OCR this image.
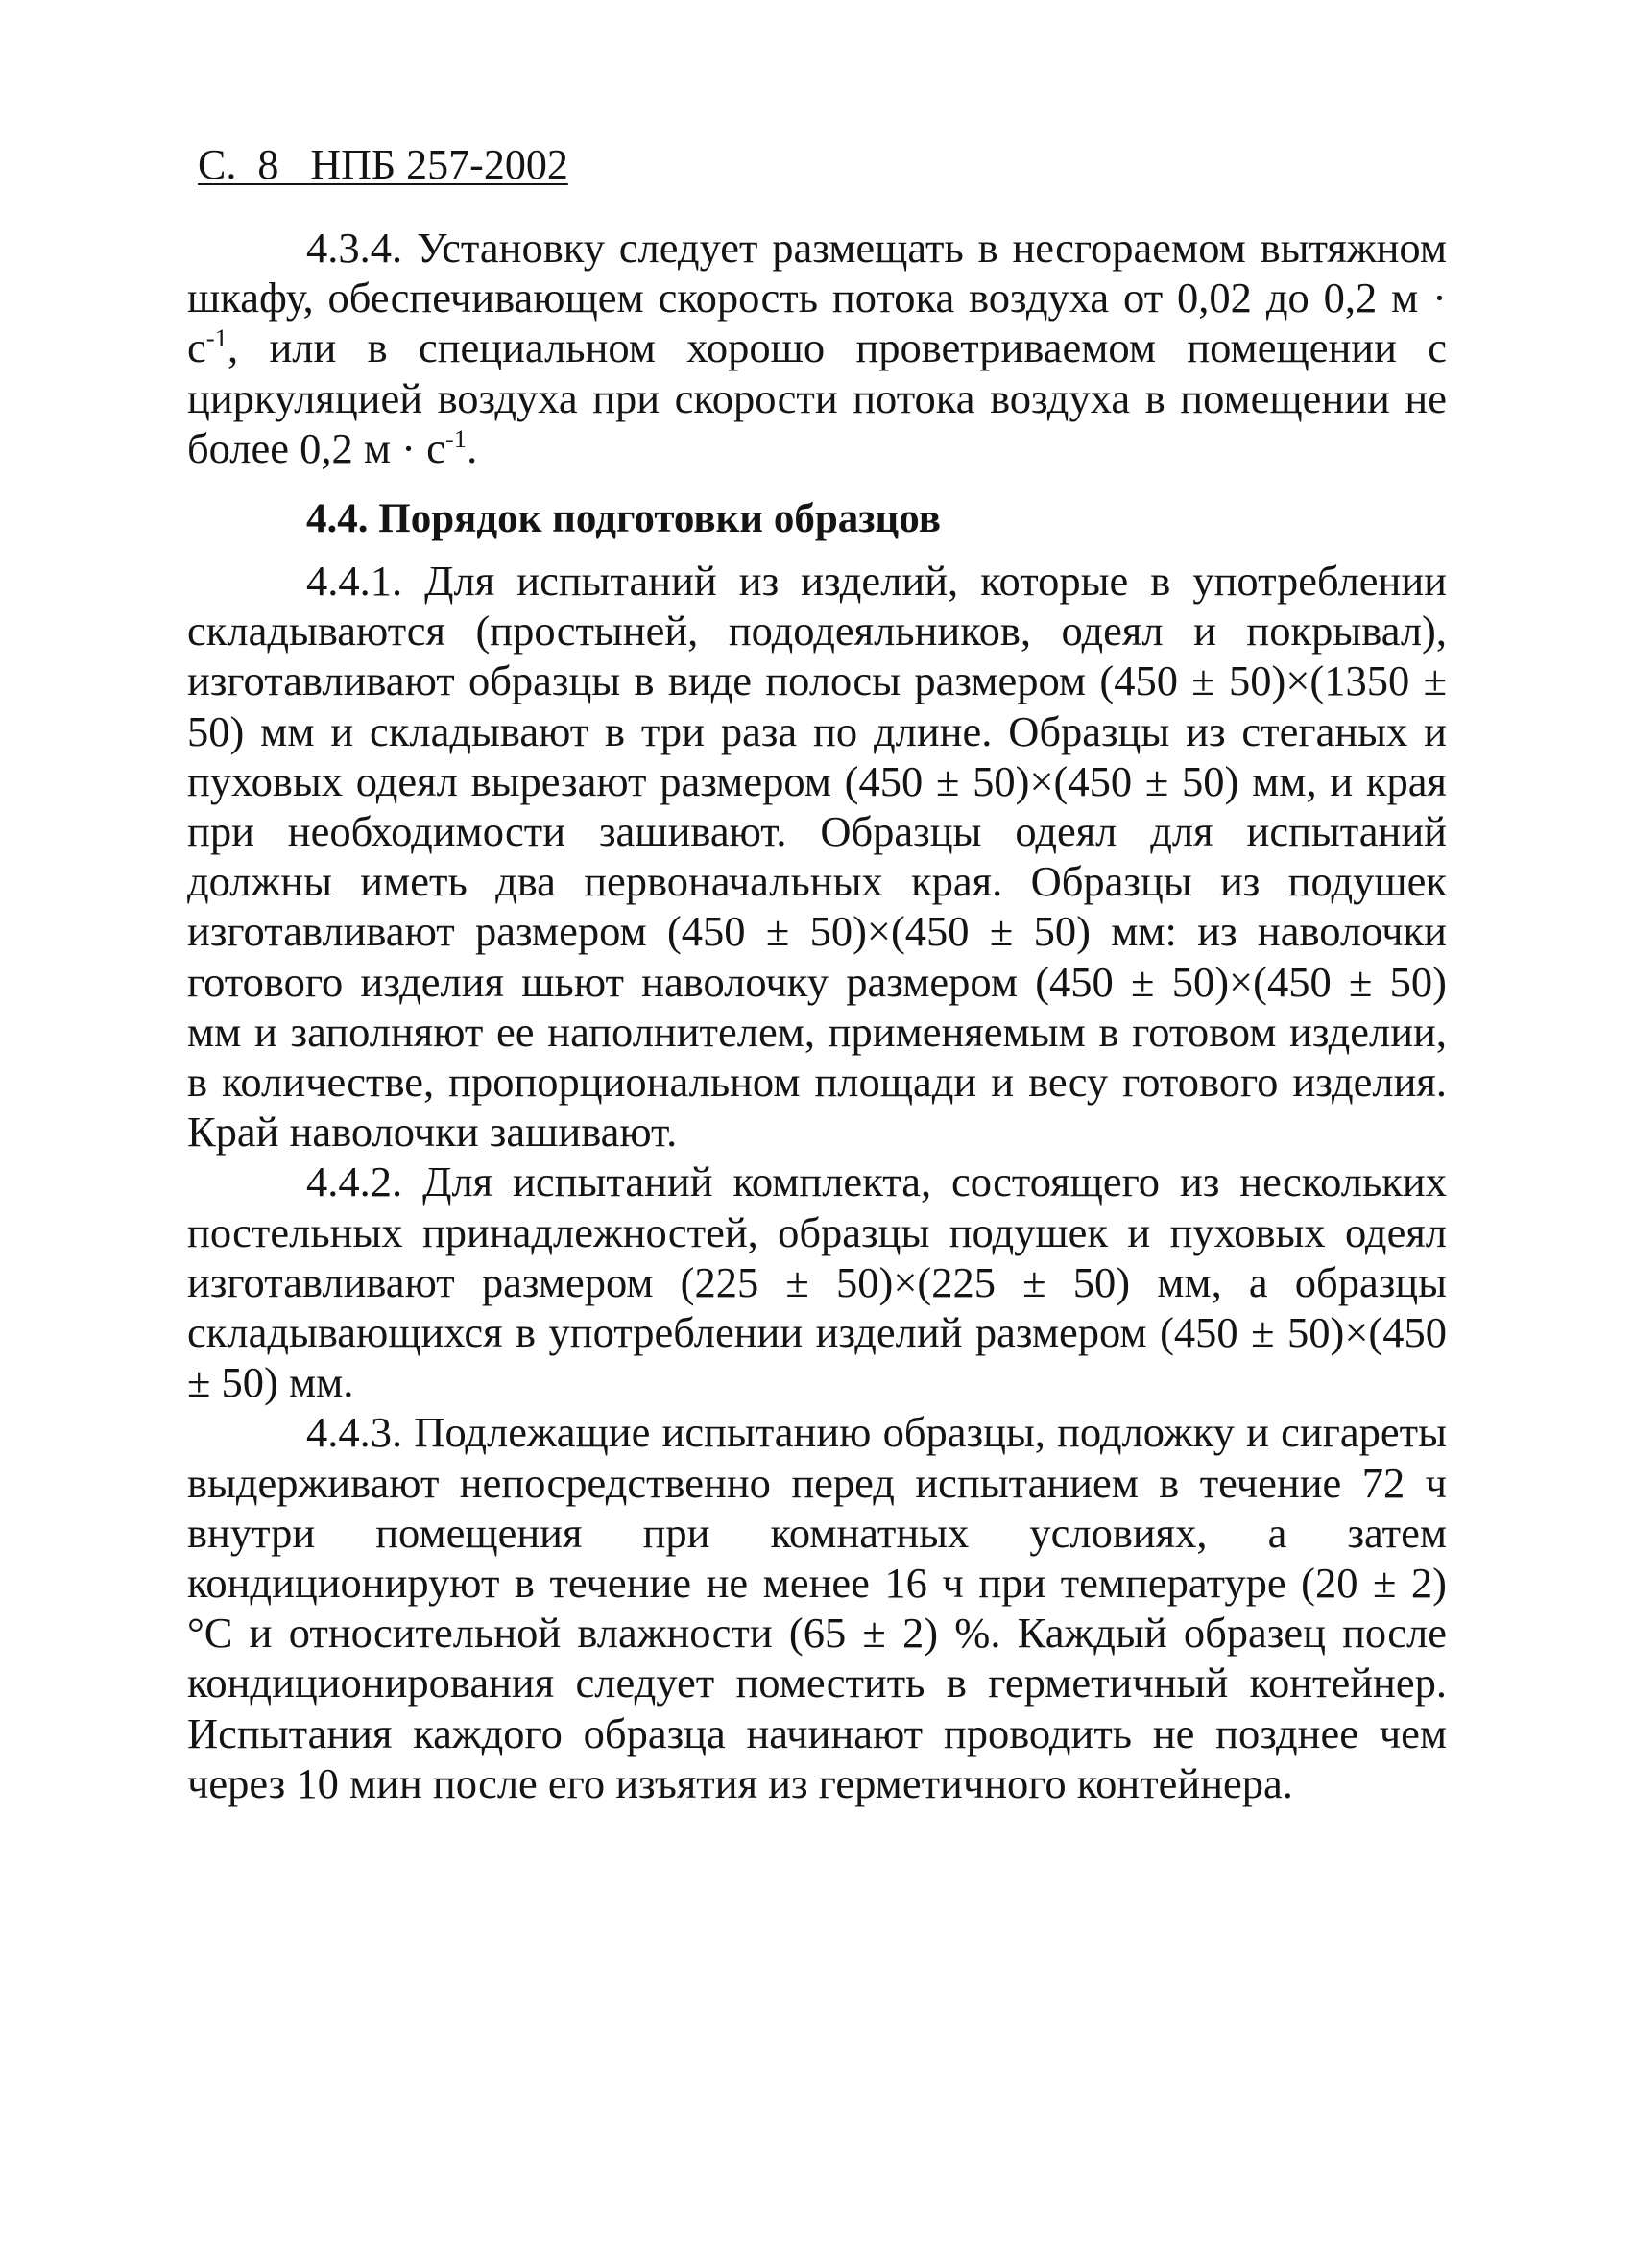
С.  8   НПБ 257-2002

4.3.4. Установку следует размещать в несгораемом вытяжном шкафу, обеспечивающем скорость потока воздуха от 0,02 до 0,2 $м \cdot с^{-1}$, или в специальном хорошо проветриваемом помещении с циркуляцией воздуха при скорости потока воздуха в помещении не более 0,2 $м \cdot с^{-1}$.

4.4. Порядок подготовки образцов

4.4.1. Для испытаний из изделий, которые в употреблении складываются (простыней, пододеяльников, одеял и покрывал), изготавливают образцы в виде полосы размером (450 ± 50)×(1350 ± 50) мм и складывают в три раза по длине. Образцы из стеганых и пуховых одеял вырезают размером (450 ± 50)×(450 ± 50) мм, и края при необходимости зашивают. Образцы одеял для испытаний должны иметь два первоначальных края. Образцы из подушек изготавливают размером (450 ± 50)×(450 ± 50) мм: из наволочки готового изделия шьют наволочку размером (450 ± 50)×(450 ± 50) мм и заполняют ее наполнителем, применяемым в готовом изделии, в количестве, пропорциональном площади и весу готового изделия. Край наволочки зашивают.

4.4.2. Для испытаний комплекта, состоящего из нескольких постельных принадлежностей, образцы подушек и пуховых одеял изготавливают размером (225 ± 50)×(225 ± 50) мм, а образцы складывающихся в употреблении изделий размером (450 ± 50)×(450 ± 50) мм.

4.4.3. Подлежащие испытанию образцы, подложку и сигареты выдерживают непосредственно перед испытанием в течение 72 ч внутри помещения при комнатных условиях, а затем кондиционируют в течение не менее 16 ч при температуре (20 ± 2) °С и относительной влажности (65 ± 2) %. Каждый образец после кондиционирования следует поместить в герметичный контейнер. Испытания каждого образца начинают проводить не позднее чем через 10 мин после его изъятия из герметичного контейнера.
